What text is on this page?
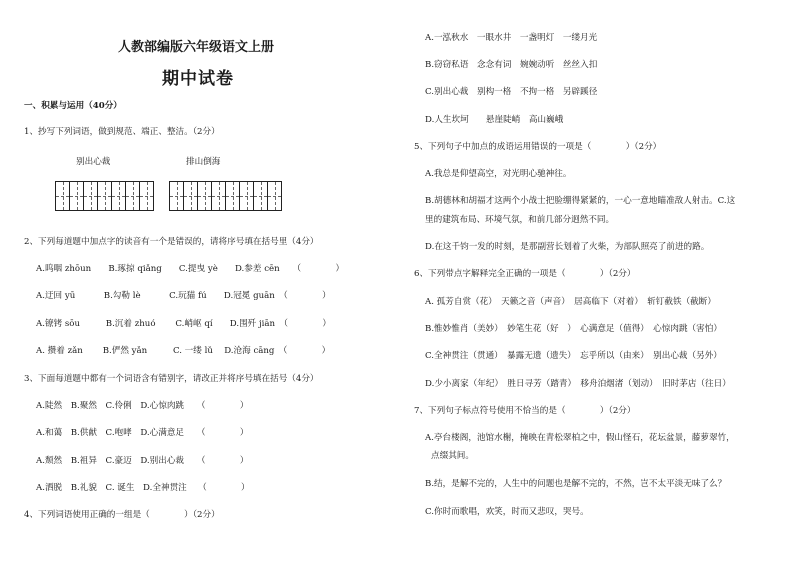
人教部编版六年级语文上册
期中试卷
一、积累与运用（40分）
1、抄写下列词语，做到规范、端正、整洁。（2分）
别出心裁	排山倒海
2、下列每道题中加点字的读音有一个是错误的，请将序号填在括号里（4分）
A.呜咽 zhōun　　B.琢掠 qiǎng　　C.提曳 yè　　D.参差 cēn　　（　　　　）
A.迂回 yū　　　 B.勾勒 lè　　　 C.玩猫 fú　　D.冠冕 guān　（　　　　）
A.镣铐 sōu　　　B.沉着 zhuó　　 C.峭岖 qí　　D.围歼 jiān　（　　　　）
A. 攒着 zǎn　　 B.俨然 yǎn　　　C. 一缕 lǔ　 D.沧海 cāng　（　　　　）
3、下面每道题中都有一个词语含有错别字，请改正并将序号填在括号（4分）
A.陡然　B.聚然　C.伶俐　D.心惊肉跳　　（　　　　）
A.和蔼　B.供献　C.咆哮　D.心满意足　　（　　　　）
A.颓然　B.祖异　C.豪迈　D.别出心裁　　（　　　　）
A.洒脱　B.礼貌　C. 诞生　D.全神贯注　 （　　　　）
4、下列词语使用正确的一组是（　　　　）（2分）
A.一泓秋水　一眼水井　一盏明灯　一缕月光
B.窃窃私语　念念有词　婉婉动听　丝丝入扣
C.别出心裁　别构一格　不拘一格　另辟蹊径
D.人生坎坷　　悬崖陡峭　高山巍峨
5、下列句子中加点的成语运用错误的一项是（　　　　）（2分）
A.我总是仰望高空，对光明心驰神往。
B.胡德林和胡福才这两个小战士把脸绷得紧紧的，一心一意地瞄准敌人射击。C.这
里的建筑布局、环境气氛，和前几部分迥然不同。
D.在这千钧一发的时刻，是那副营长划着了火柴，为部队照亮了前进的路。
6、下列带点字解释完全正确的一项是（　　　　）（2分）
A. 孤芳自赏（花）　天籁之音（声音）　居高临下（对着）　斩钉截铁（截断）
B.惟妙惟肖（美妙）　妙笔生花（好　）　心满意足（值得）　心惊肉跳（害怕）
C.全神贯注（贯通）　暴露无遗（遗失）　忘乎所以（由来）　别出心裁（另外）
D.少小离家（年纪）　胜日寻芳（踏青）　移舟泊烟渚（划动）　旧时茅店（往日）
7、下列句子标点符号使用不恰当的是（　　　　）（2分）
A.亭台楼阁，池馆水榭，掩映在青松翠柏之中，假山怪石，花坛盆景，藤萝翠竹，
点缀其间。
B.结，是解不完的，人生中的问题也是解不完的，不然，岂不太平淡无味了么？
C.你时而歌唱，欢笑，时而又悲叹，哭号。
